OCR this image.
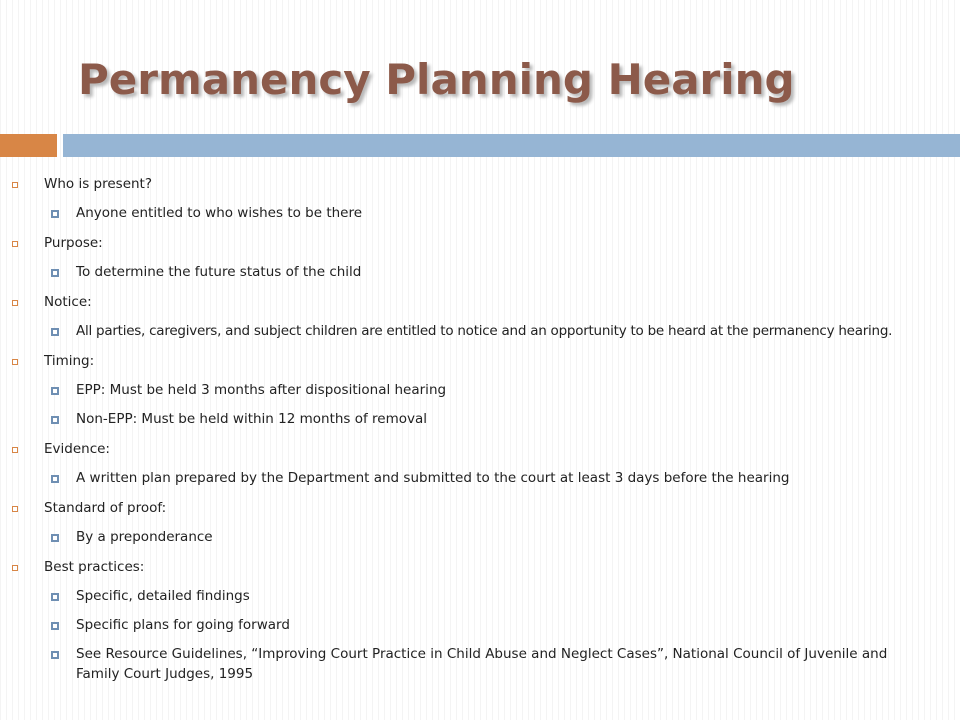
Permanency Planning Hearing
Who is present?
Anyone entitled to who wishes to be there
Purpose:
To determine the future status of the child
Notice:
All parties, caregivers, and subject children are entitled to notice and an opportunity to be heard at the permanency hearing.
Timing:
EPP: Must be held 3 months after dispositional hearing
Non-EPP: Must be held within 12 months of removal
Evidence:
A written plan prepared by the Department and submitted to the court at least 3 days before the hearing
Standard of proof:
By a preponderance
Best practices:
Specific, detailed findings
Specific plans for going forward
See Resource Guidelines, “Improving Court Practice in Child Abuse and Neglect Cases”, National Council of Juvenile and Family Court Judges, 1995
